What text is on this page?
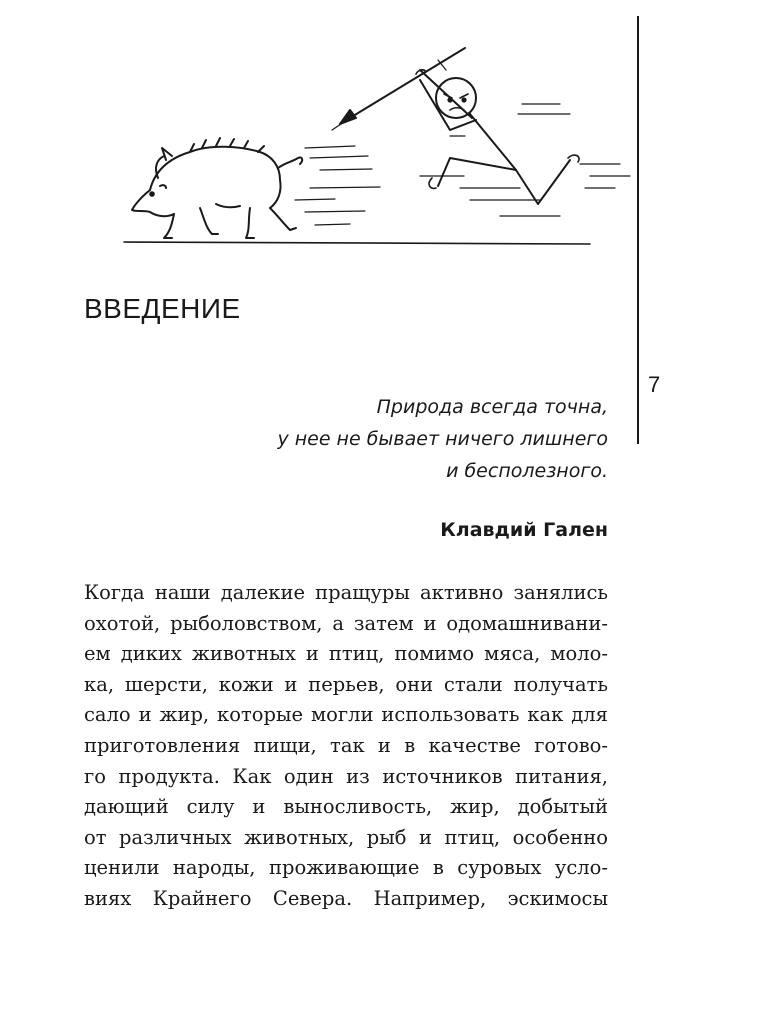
7
ВВЕДЕНИЕ
Природа всегда точна,
у нее не бывает ничего лишнего
и бесполезного.
Клавдий Гален
Когда наши далекие пращуры активно занялись
охотой, рыболовством, а затем и одомашнивани-
ем диких животных и птиц, помимо мяса, моло-
ка, шерсти, кожи и перьев, они стали получать
сало и жир, которые могли использовать как для
приготовления пищи, так и в качестве готово-
го продукта. Как один из источников питания,
дающий силу и выносливость, жир, добытый
от различных животных, рыб и птиц, особенно
ценили народы, проживающие в суровых усло-
виях Крайнего Севера. Например, эскимосы
